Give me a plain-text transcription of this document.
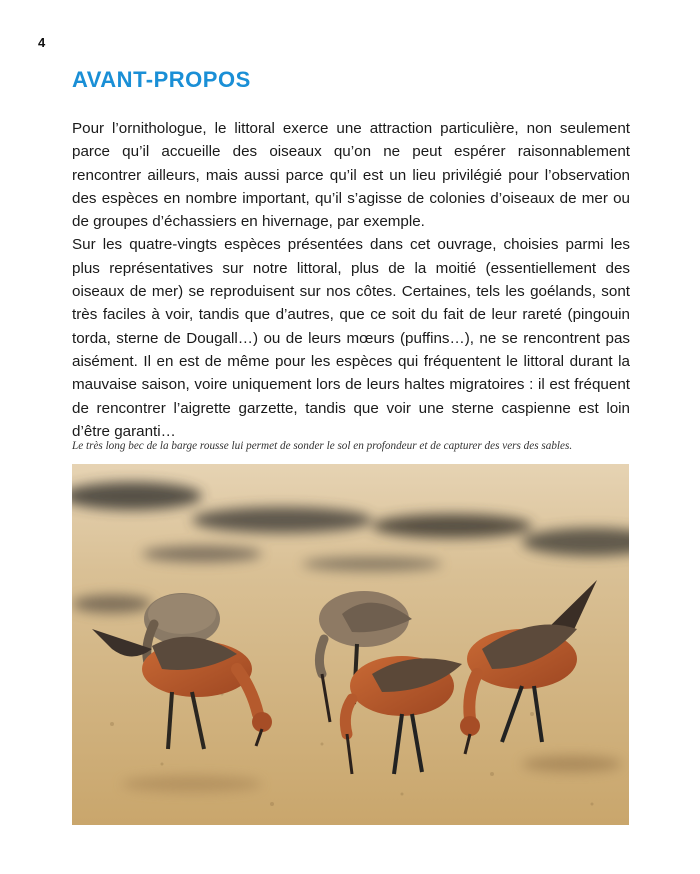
4
AVANT-PROPOS

Pour l’ornithologue, le littoral exerce une attraction particulière, non seulement parce qu’il accueille des oiseaux qu’on ne peut espérer raisonnablement rencontrer ailleurs, mais aussi parce qu’il est un lieu privilégié pour l’observation des espèces en nombre important, qu’il s’agisse de colonies d’oiseaux de mer ou de groupes d’échassiers en hivernage, par exemple.

Sur les quatre-vingts espèces présentées dans cet ouvrage, choisies parmi les plus représentatives sur notre littoral, plus de la moitié (essentiellement des oiseaux de mer) se reproduisent sur nos côtes. Certaines, tels les goélands, sont très faciles à voir, tandis que d’autres, que ce soit du fait de leur rareté (pingouin torda, sterne de Dougall…) ou de leurs mœurs (puffins…), ne se rencontrent pas aisément. Il en est de même pour les espèces qui fréquentent le littoral durant la mauvaise saison, voire uniquement lors de leurs haltes migratoires : il est fréquent de rencontrer l’aigrette garzette, tandis que voir une sterne caspienne est loin d’être garanti…

Le très long bec de la barge rousse lui permet de sonder le sol en profondeur et de capturer des vers des sables.
